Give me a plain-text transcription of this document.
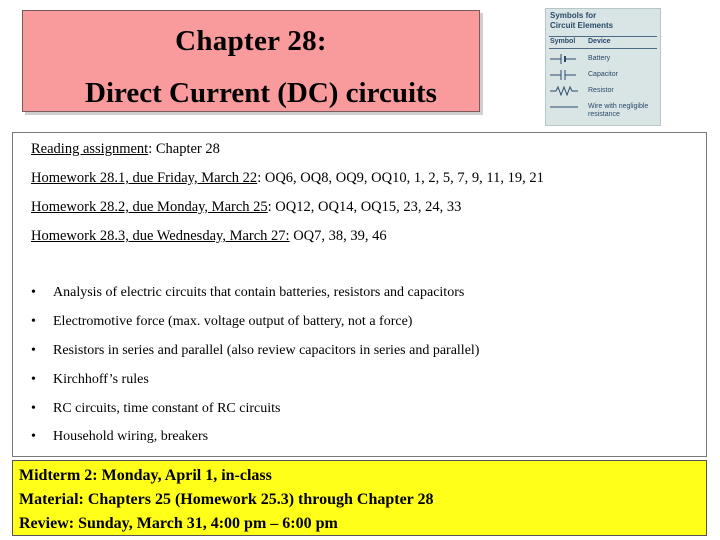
Chapter 28:
Direct Current (DC) circuits
Symbols for
Circuit Elements
Symbol Device
Battery
Capacitor
Resistor
Wire with negligible resistance
Reading assignment: Chapter 28
Homework 28.1, due Friday, March 22: OQ6, OQ8, OQ9, OQ10, 1, 2, 5, 7, 9, 11, 19, 21
Homework 28.2, due Monday, March 25: OQ12, OQ14, OQ15, 23, 24, 33
Homework 28.3, due Wednesday, March 27: OQ7, 38, 39, 46
• Analysis of electric circuits that contain batteries, resistors and capacitors
• Electromotive force (max. voltage output of battery, not a force)
• Resistors in series and parallel (also review capacitors in series and parallel)
• Kirchhoff’s rules
• RC circuits, time constant of RC circuits
• Household wiring, breakers
Midterm 2: Monday, April 1, in-class
Material: Chapters 25 (Homework 25.3) through Chapter 28
Review: Sunday, March 31, 4:00 pm – 6:00 pm
